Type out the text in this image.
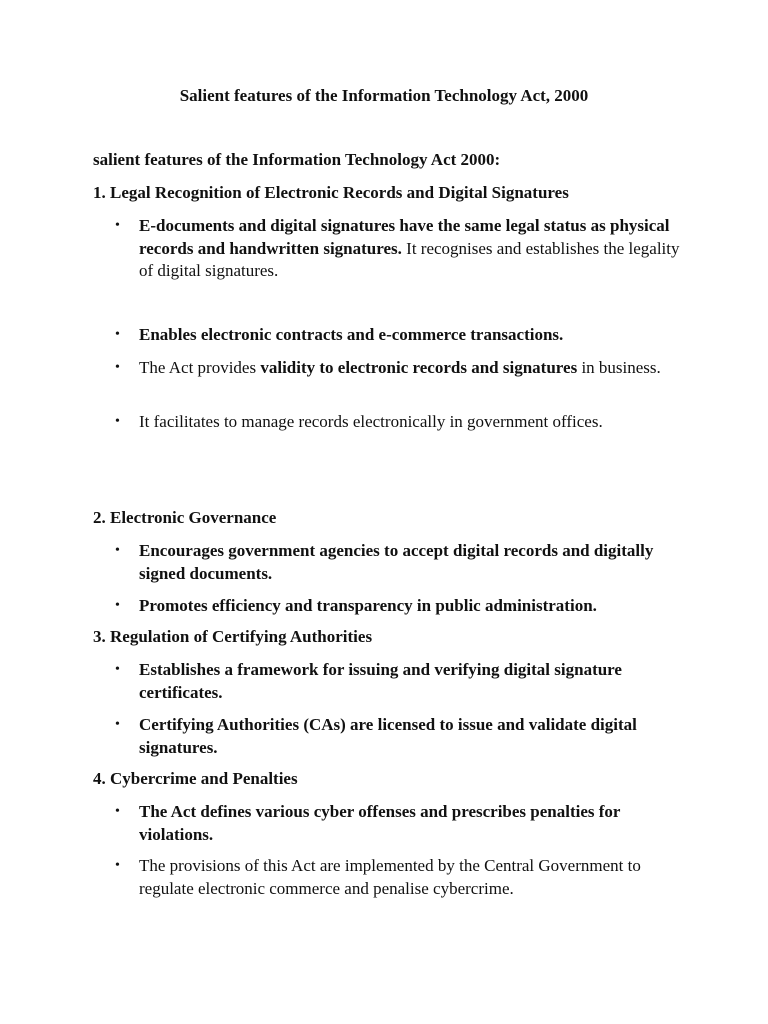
Salient features of the Information Technology Act, 2000
salient features of the Information Technology Act 2000:
1. Legal Recognition of Electronic Records and Digital Signatures
• E-documents and digital signatures have the same legal status as physical records and handwritten signatures. It recognises and establishes the legality of digital signatures.
• Enables electronic contracts and e-commerce transactions.
• The Act provides validity to electronic records and signatures in business.
• It facilitates to manage records electronically in government offices.
2. Electronic Governance
• Encourages government agencies to accept digital records and digitally signed documents.
• Promotes efficiency and transparency in public administration.
3. Regulation of Certifying Authorities
• Establishes a framework for issuing and verifying digital signature certificates.
• Certifying Authorities (CAs) are licensed to issue and validate digital signatures.
4. Cybercrime and Penalties
• The Act defines various cyber offenses and prescribes penalties for violations.
• The provisions of this Act are implemented by the Central Government to regulate electronic commerce and penalise cybercrime.
